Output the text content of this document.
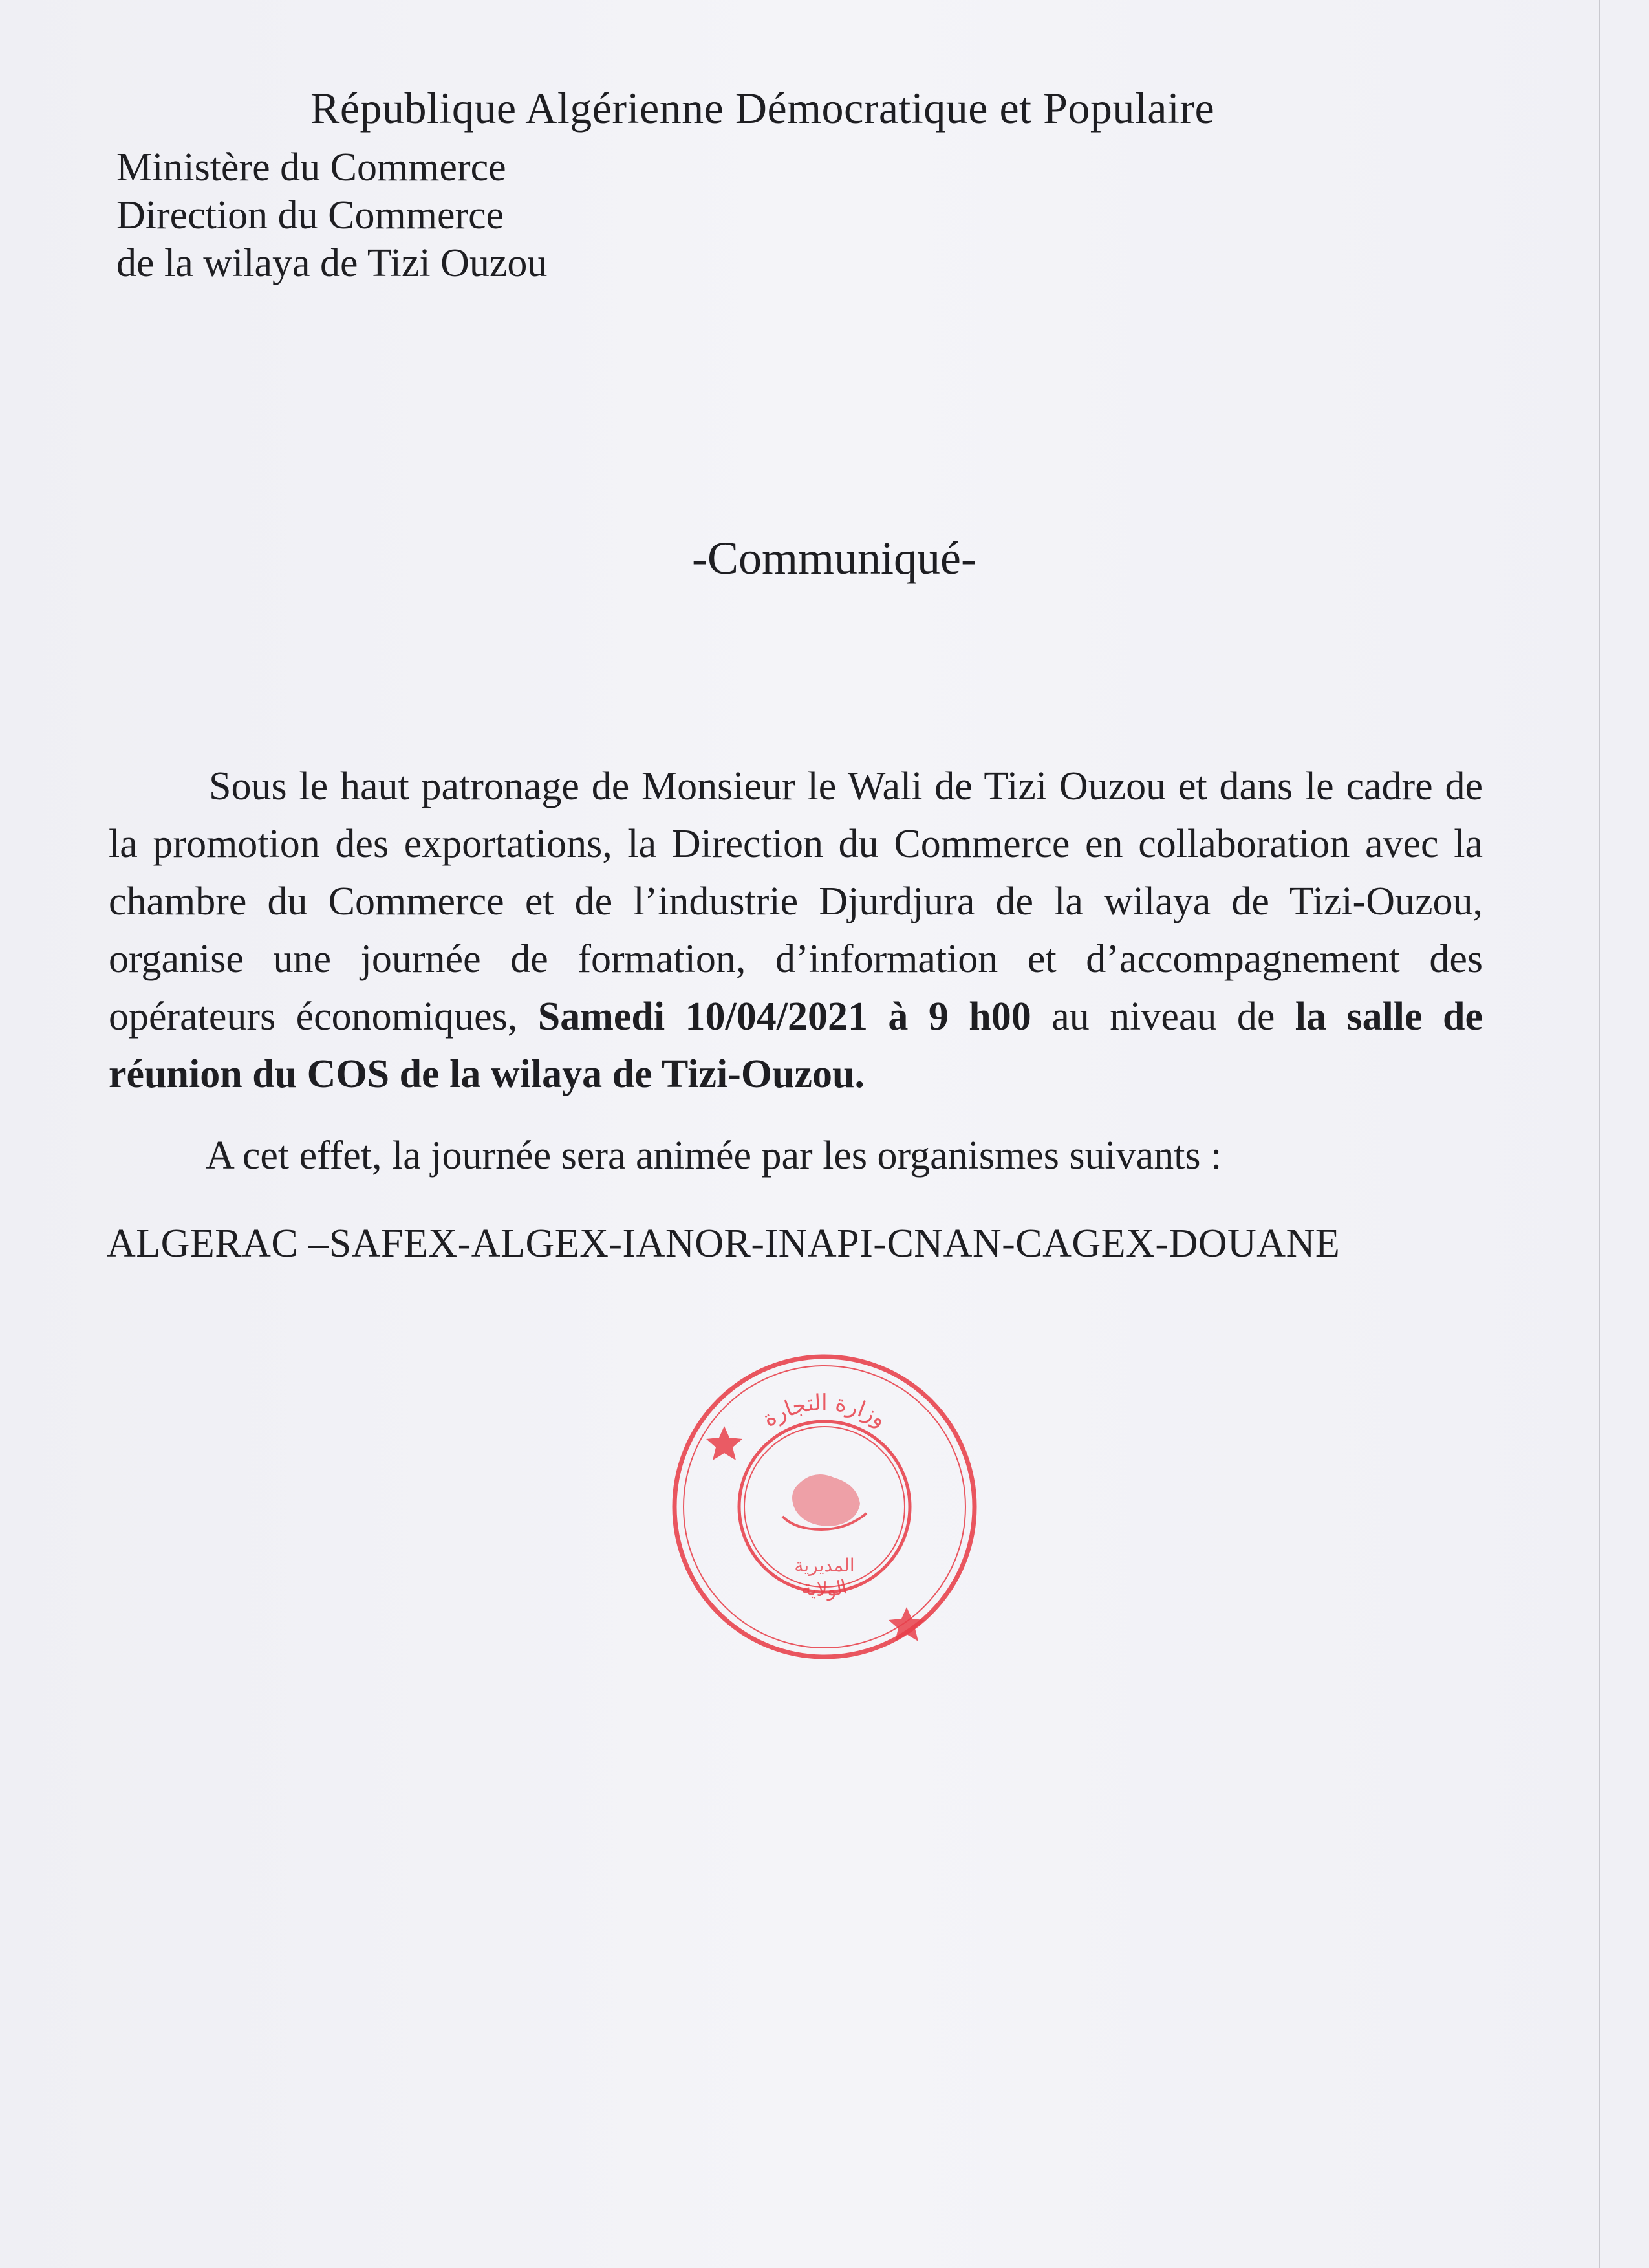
République Algérienne Démocratique et Populaire
Ministère du Commerce
Direction du Commerce
de la wilaya de Tizi Ouzou
-Communiqué-

Sous le haut patronage de Monsieur le Wali de Tizi Ouzou et dans le cadre de la promotion des exportations, la Direction du Commerce en collaboration avec la chambre du Commerce et de l’industrie Djurdjura de la wilaya de Tizi-Ouzou, organise une journée de formation, d’information et d’accompagnement des opérateurs économiques, Samedi 10/04/2021 à 9 h00 au niveau de la salle de réunion du COS de la wilaya de Tizi-Ouzou.

A cet effet, la journée sera animée par les organismes suivants :
ALGERAC –SAFEX-ALGEX-IANOR-INAPI-CNAN-CAGEX-DOUANE
وزارة التجارة
الولاية
المديرية
